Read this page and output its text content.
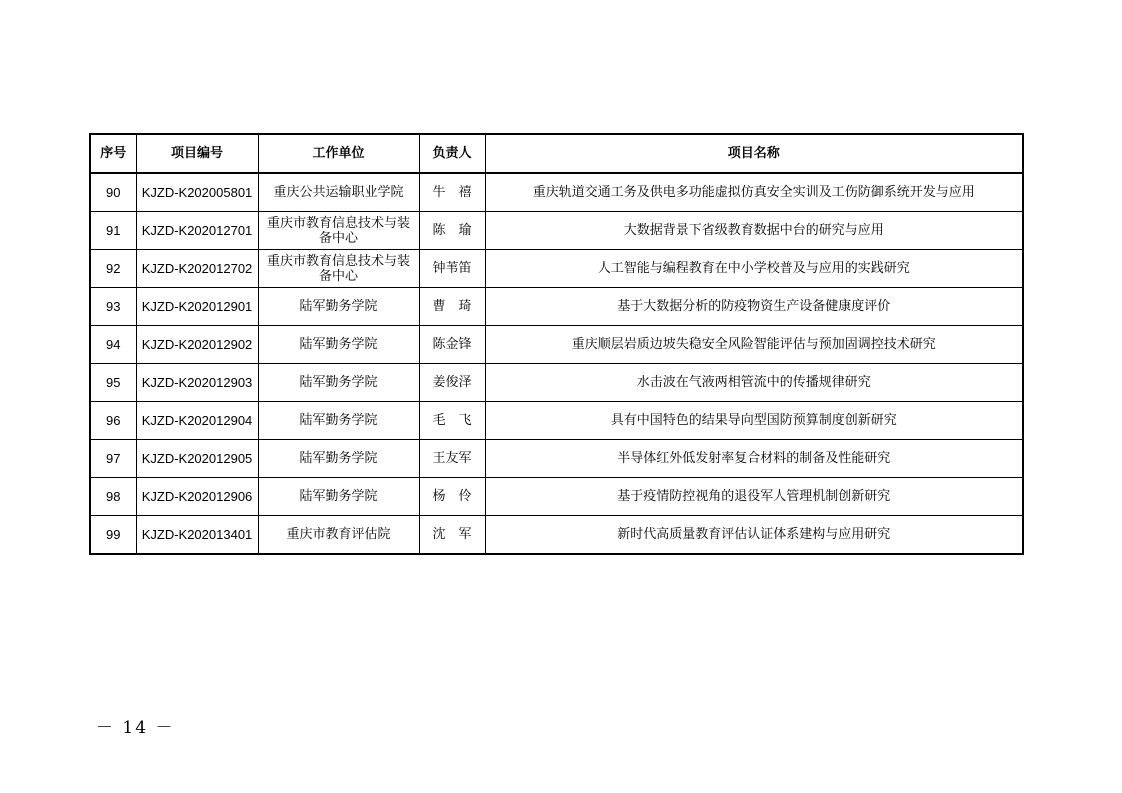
序号	项目编号	工作单位	负责人	项目名称
90	KJZD-K202005801	重庆公共运输职业学院	牛　禧	重庆轨道交通工务及供电多功能虚拟仿真安全实训及工伤防御系统开发与应用
91	KJZD-K202012701	重庆市教育信息技术与装备中心	陈　瑜	大数据背景下省级教育数据中台的研究与应用
92	KJZD-K202012702	重庆市教育信息技术与装备中心	钟苇笛	人工智能与编程教育在中小学校普及与应用的实践研究
93	KJZD-K202012901	陆军勤务学院	曹　琦	基于大数据分析的防疫物资生产设备健康度评价
94	KJZD-K202012902	陆军勤务学院	陈金锋	重庆顺层岩质边坡失稳安全风险智能评估与预加固调控技术研究
95	KJZD-K202012903	陆军勤务学院	姜俊泽	水击波在气液两相管流中的传播规律研究
96	KJZD-K202012904	陆军勤务学院	毛　飞	具有中国特色的结果导向型国防预算制度创新研究
97	KJZD-K202012905	陆军勤务学院	王友军	半导体红外低发射率复合材料的制备及性能研究
98	KJZD-K202012906	陆军勤务学院	杨　伶	基于疫情防控视角的退役军人管理机制创新研究
99	KJZD-K202013401	重庆市教育评估院	沈　军	新时代高质量教育评估认证体系建构与应用研究
－ 14 －
